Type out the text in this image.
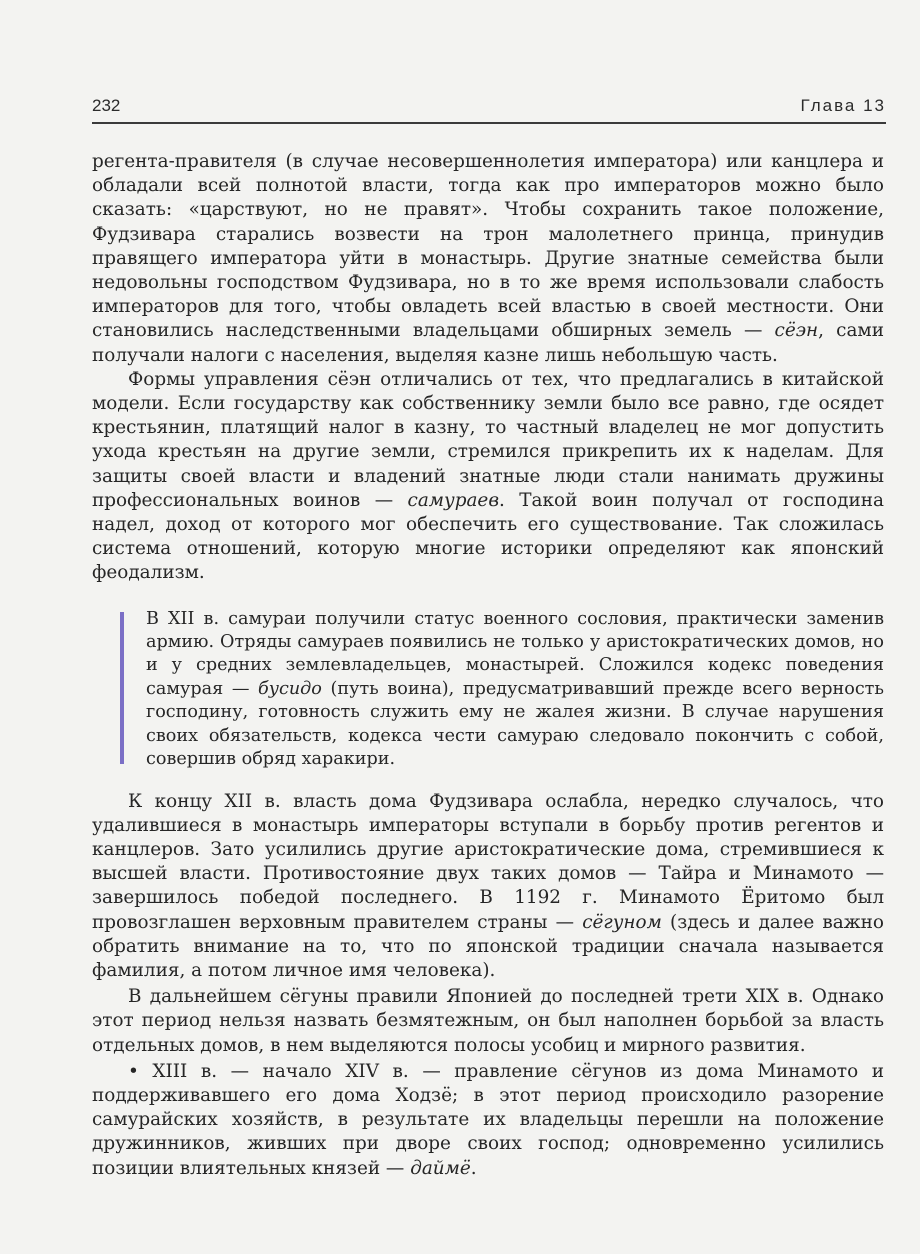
232	Глава 13

регента-правителя (в случае несовершеннолетия императора) или канцлера и обладали всей полнотой власти, тогда как про императоров можно было сказать: «царствуют, но не правят». Чтобы сохранить такое положение, Фудзивара старались возвести на трон малолетнего принца, принудив правящего императора уйти в монастырь. Другие знатные семейства были недовольны господством Фудзивара, но в то же время использовали слабость императоров для того, чтобы овладеть всей властью в своей местности. Они становились наследственными владельцами обширных земель — сёэн, сами получали налоги с населения, выделяя казне лишь небольшую часть.

Формы управления сёэн отличались от тех, что предлагались в китайской модели. Если государству как собственнику земли было все равно, где осядет крестьянин, платящий налог в казну, то частный владелец не мог допустить ухода крестьян на другие земли, стремился прикрепить их к наделам. Для защиты своей власти и владений знатные люди стали нанимать дружины профессиональных воинов — самураев. Такой воин получал от господина надел, доход от которого мог обеспечить его существование. Так сложилась система отношений, которую многие историки определяют как японский феодализм.

В XII в. самураи получили статус военного сословия, практически заменив армию. Отряды самураев появились не только у аристократических домов, но и у средних землевладельцев, монастырей. Сложился кодекс поведения самурая — бусидо (путь воина), предусматривавший прежде всего верность господину, готовность служить ему не жалея жизни. В случае нарушения своих обязательств, кодекса чести самураю следовало покончить с собой, совершив обряд харакири.

К концу XII в. власть дома Фудзивара ослабла, нередко случалось, что удалившиеся в монастырь императоры вступали в борьбу против регентов и канцлеров. Зато усилились другие аристократические дома, стремившиеся к высшей власти. Противостояние двух таких домов — Тайра и Минамото — завершилось победой последнего. В 1192 г. Минамото Ёритомо был провозглашен верховным правителем страны — сёгуном (здесь и далее важно обратить внимание на то, что по японской традиции сначала называется фамилия, а потом личное имя человека).

В дальнейшем сёгуны правили Японией до последней трети XIX в. Однако этот период нельзя назвать безмятежным, он был наполнен борьбой за власть отдельных домов, в нем выделяются полосы усобиц и мирного развития.

• XIII в. — начало XIV в. — правление сёгунов из дома Минамото и поддерживавшего его дома Ходзё; в этот период происходило разорение самурайских хозяйств, в результате их владельцы перешли на положение дружинников, живших при дворе своих господ; одновременно усилились позиции влиятельных князей — даймё.
